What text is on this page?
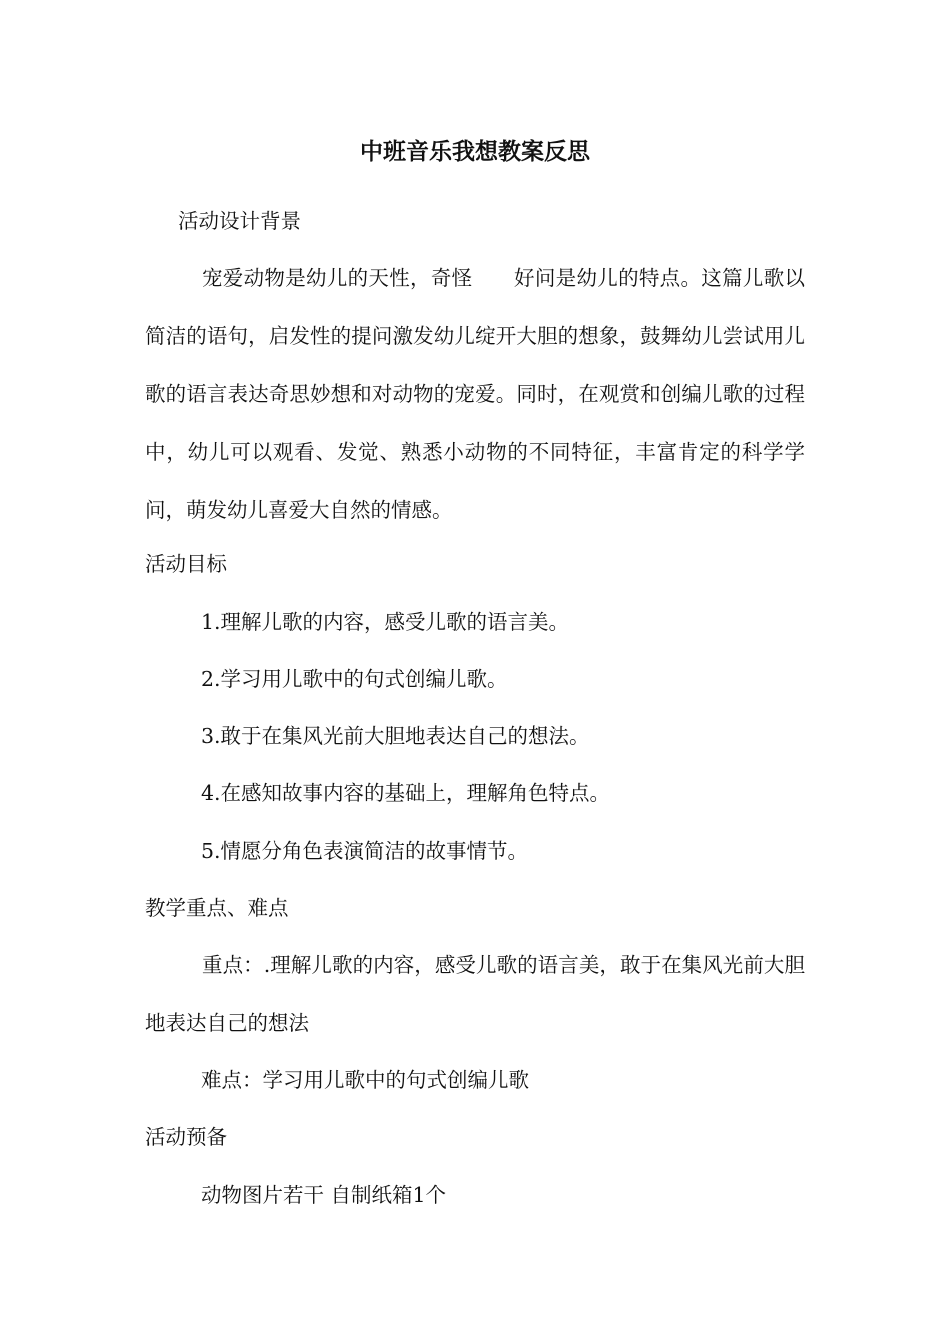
中班音乐我想教案反思

活动设计背景

宠爱动物是幼儿的天性，奇怪　　好问是幼儿的特点。这篇儿歌以简洁的语句，启发性的提问激发幼儿绽开大胆的想象，鼓舞幼儿尝试用儿歌的语言表达奇思妙想和对动物的宠爱。同时，在观赏和创编儿歌的过程中，幼儿可以观看、发觉、熟悉小动物的不同特征，丰富肯定的科学学问，萌发幼儿喜爱大自然的情感。

活动目标

1.理解儿歌的内容，感受儿歌的语言美。

2.学习用儿歌中的句式创编儿歌。

3.敢于在集风光前大胆地表达自己的想法。

4.在感知故事内容的基础上，理解角色特点。

5.情愿分角色表演简洁的故事情节。

教学重点、难点

重点：.理解儿歌的内容，感受儿歌的语言美，敢于在集风光前大胆地表达自己的想法

难点：学习用儿歌中的句式创编儿歌

活动预备

动物图片若干 自制纸箱1个
